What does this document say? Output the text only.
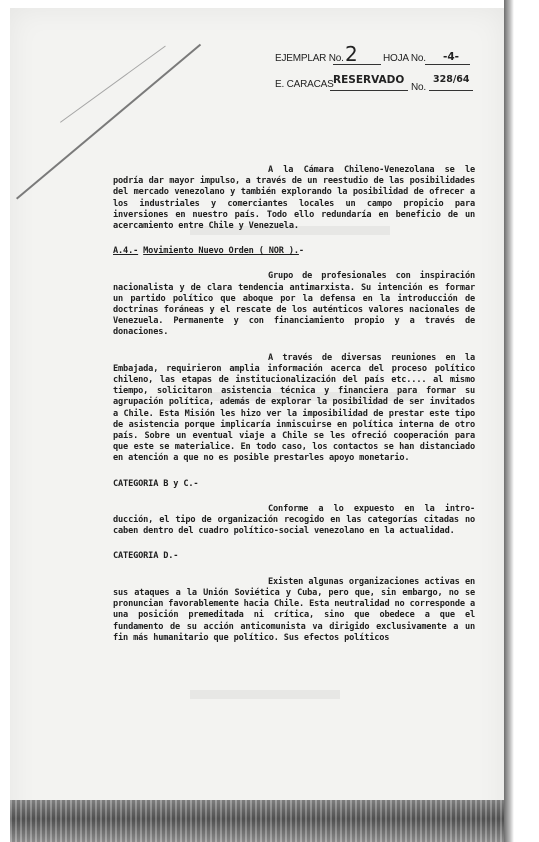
EJEMPLAR No. 2	HOJA No. -4-
E. CARACAS RESERVADO
No.
328/64

A la Cámara Chileno-Venezolana se le podría dar mayor impulso, a través de un reestudio de las posibilidades del mercado venezolano y también explorando la posibilidad de ofrecer a los industriales y comerciantes locales un campo propicio para inversiones en nuestro país. Todo ello redundaría en beneficio de un acercamiento entre Chile y Venezuela.

A.4.- Movimiento Nuevo Orden ( NOR ).-

Grupo de profesionales con inspiración nacionalista y de clara tendencia antimarxista. Su intención es formar un partido político que aboque por la defensa en la introducción de doctrinas foráneas y el rescate de los auténticos valores nacionales de Venezuela. Permanente y con financiamiento propio y a través de donaciones.

A través de diversas reuniones en la Embajada, requirieron amplia información acerca del proceso político chileno, las etapas de institucionalización del país etc.... al mismo tiempo, solicitaron asistencia técnica y financiera para formar su agrupación política, además de explorar la posibilidad de ser invitados a Chile. Esta Misión les hizo ver la imposibilidad de prestar este tipo de asistencia porque implicaría inmiscuirse en política interna de otro país. Sobre un eventual viaje a Chile se les ofreció cooperación para que este se materialice. En todo caso, los contactos se han distanciado en atención a que no es posible prestarles apoyo monetario.

CATEGORIA B y C.-

Conforme a lo expuesto en la intro- ducción, el tipo de organización recogido en las categorías citadas no caben dentro del cuadro político-social venezolano en la actualidad.

CATEGORIA D.-

Existen algunas organizaciones activas en sus ataques a la Unión Soviética y Cuba, pero que, sin embargo, no se pronuncian favorablemente hacia Chile. Esta neutralidad no corresponde a una posición premeditada ni crítica, sino que obedece a que el fundamento de su acción anticomunista va dirigido exclusivamente a un fin más humanitario que político. Sus efectos políticos
